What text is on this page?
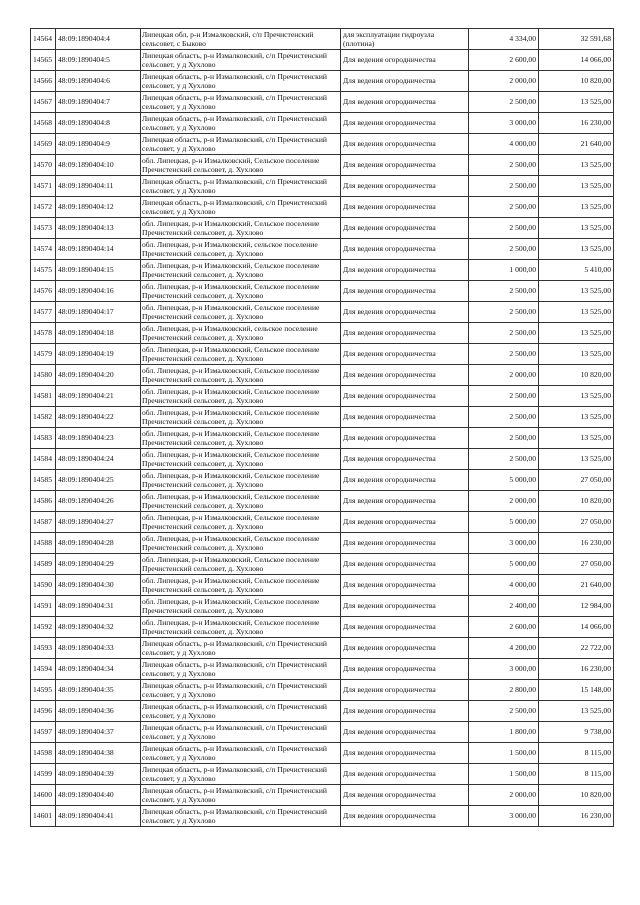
14564	48:09:1890404:4	Липецкая обл, р-н Измалковский, с/п Пречистенский сельсовет, с Быково	для эксплуатации гидроузла (плотина)	4 334,00	32 591,68
14565	48:09:1890404:5	Липецкая область, р-н Измалковский, с/п Пречистенский сельсовет, у д Хухлово	Для ведения огородничества	2 600,00	14 066,00
14566	48:09:1890404:6	Липецкая область, р-н Измалковский, с/п Пречистенский сельсовет, у д Хухлово	Для ведения огородничества	2 000,00	10 820,00
14567	48:09:1890404:7	Липецкая область, р-н Измалковский, с/п Пречистенский сельсовет, у д Хухлово	Для ведения огородничества	2 500,00	13 525,00
14568	48:09:1890404:8	Липецкая область, р-н Измалковский, с/п Пречистенский сельсовет, у д Хухлово	Для ведения огородничества	3 000,00	16 230,00
14569	48:09:1890404:9	Липецкая область, р-н Измалковский, с/п Пречистенский сельсовет, у д Хухлово	Для ведения огородничества	4 000,00	21 640,00
14570	48:09:1890404:10	обл. Липецкая, р-н Измалковский, Сельское поселение Пречистенский сельсовет, д. Хухлово	Для ведения огородничества	2 500,00	13 525,00
14571	48:09:1890404:11	Липецкая область, р-н Измалковский, с/п Пречистенский сельсовет, у д Хухлово	Для ведения огородничества	2 500,00	13 525,00
14572	48:09:1890404:12	Липецкая область, р-н Измалковский, с/п Пречистенский сельсовет, у д Хухлово	Для ведения огородничества	2 500,00	13 525,00
14573	48:09:1890404:13	обл. Липецкая, р-н Измалковский, Сельское поселение Пречистенский сельсовет, д. Хухлово	Для ведения огородничества	2 500,00	13 525,00
14574	48:09:1890404:14	обл. Липецкая, р-н Измалковский, сельское поселение Пречистенский сельсовет, д. Хухлово	Для ведения огородничества	2 500,00	13 525,00
14575	48:09:1890404:15	обл. Липецкая, р-н Измалковский, Сельское поселение Пречистенский сельсовет, д. Хухлово	Для ведения огородничества	1 000,00	5 410,00
14576	48:09:1890404:16	обл. Липецкая, р-н Измалковский, Сельское поселение Пречистенский сельсовет, д. Хухлово	Для ведения огородничества	2 500,00	13 525,00
14577	48:09:1890404:17	обл. Липецкая, р-н Измалковский, Сельское поселение Пречистенский сельсовет, д. Хухлово	Для ведения огородничества	2 500,00	13 525,00
14578	48:09:1890404:18	обл. Липецкая, р-н Измалковский, сельское поселение Пречистенский сельсовет, д. Хухлово	Для ведения огородничества	2 500,00	13 525,00
14579	48:09:1890404:19	обл. Липецкая, р-н Измалковский, Сельское поселение Пречистенский сельсовет, д. Хухлово	Для ведения огородничества	2 500,00	13 525,00
14580	48:09:1890404:20	обл. Липецкая, р-н Измалковский, Сельское поселение Пречистенский сельсовет, д. Хухлово	Для ведения огородничества	2 000,00	10 820,00
14581	48:09:1890404:21	обл. Липецкая, р-н Измалковский, Сельское поселение Пречистенский сельсовет, д. Хухлово	Для ведения огородничества	2 500,00	13 525,00
14582	48:09:1890404:22	обл. Липецкая, р-н Измалковский, Сельское поселение Пречистенский сельсовет, д. Хухлово	Для ведения огородничества	2 500,00	13 525,00
14583	48:09:1890404:23	обл. Липецкая, р-н Измалковский, Сельское поселение Пречистенский сельсовет, д. Хухлово	Для ведения огородничества	2 500,00	13 525,00
14584	48:09:1890404:24	обл. Липецкая, р-н Измалковский, Сельское поселение Пречистенский сельсовет, д. Хухлово	Для ведения огородничества	2 500,00	13 525,00
14585	48:09:1890404:25	обл. Липецкая, р-н Измалковский, Сельское поселение Пречистенский сельсовет, д. Хухлово	Для ведения огородничества	5 000,00	27 050,00
14586	48:09:1890404:26	обл. Липецкая, р-н Измалковский, Сельское поселение Пречистенский сельсовет, д. Хухлово	Для ведения огородничества	2 000,00	10 820,00
14587	48:09:1890404:27	обл. Липецкая, р-н Измалковский, Сельское поселение Пречистенский сельсовет, д. Хухлово	Для ведения огородничества	5 000,00	27 050,00
14588	48:09:1890404:28	обл. Липецкая, р-н Измалковский, Сельское поселение Пречистенский сельсовет, д. Хухлово	Для ведения огородничества	3 000,00	16 230,00
14589	48:09:1890404:29	обл. Липецкая, р-н Измалковский, Сельское поселение Пречистенский сельсовет, д. Хухлово	Для ведения огородничества	5 000,00	27 050,00
14590	48:09:1890404:30	обл. Липецкая, р-н Измалковский, Сельское поселение Пречистенский сельсовет, д. Хухлово	Для ведения огородничества	4 000,00	21 640,00
14591	48:09:1890404:31	обл. Липецкая, р-н Измалковский, Сельское поселение Пречистенский сельсовет, д. Хухлово	Для ведения огородничества	2 400,00	12 984,00
14592	48:09:1890404:32	обл. Липецкая, р-н Измалковский, Сельское поселение Пречистенский сельсовет, д. Хухлово	Для ведения огородничества	2 600,00	14 066,00
14593	48:09:1890404:33	Липецкая область, р-н Измалковский, с/п Пречистенский сельсовет, у д Хухлово	Для ведения огородничества	4 200,00	22 722,00
14594	48:09:1890404:34	Липецкая область, р-н Измалковский, с/п Пречистенский сельсовет, у д Хухлово	Для ведения огородничества	3 000,00	16 230,00
14595	48:09:1890404:35	Липецкая область, р-н Измалковский, с/п Пречистенский сельсовет, у д Хухлово	Для ведения огородничества	2 800,00	15 148,00
14596	48:09:1890404:36	Липецкая область, р-н Измалковский, с/п Пречистенский сельсовет, у д Хухлово	Для ведения огородничества	2 500,00	13 525,00
14597	48:09:1890404:37	Липецкая область, р-н Измалковский, с/п Пречистенский сельсовет, у д Хухлово	Для ведения огородничества	1 800,00	9 738,00
14598	48:09:1890404:38	Липецкая область, р-н Измалковский, с/п Пречистенский сельсовет, у д Хухлово	Для ведения огородничества	1 500,00	8 115,00
14599	48:09:1890404:39	Липецкая область, р-н Измалковский, с/п Пречистенский сельсовет, у д Хухлово	Для ведения огородничества	1 500,00	8 115,00
14600	48:09:1890404:40	Липецкая область, р-н Измалковский, с/п Пречистенский сельсовет, у д Хухлово	Для ведения огородничества	2 000,00	10 820,00
14601	48:09:1890404:41	Липецкая область, р-н Измалковский, с/п Пречистенский сельсовет, у д Хухлово	Для ведения огородничества	3 000,00	16 230,00
